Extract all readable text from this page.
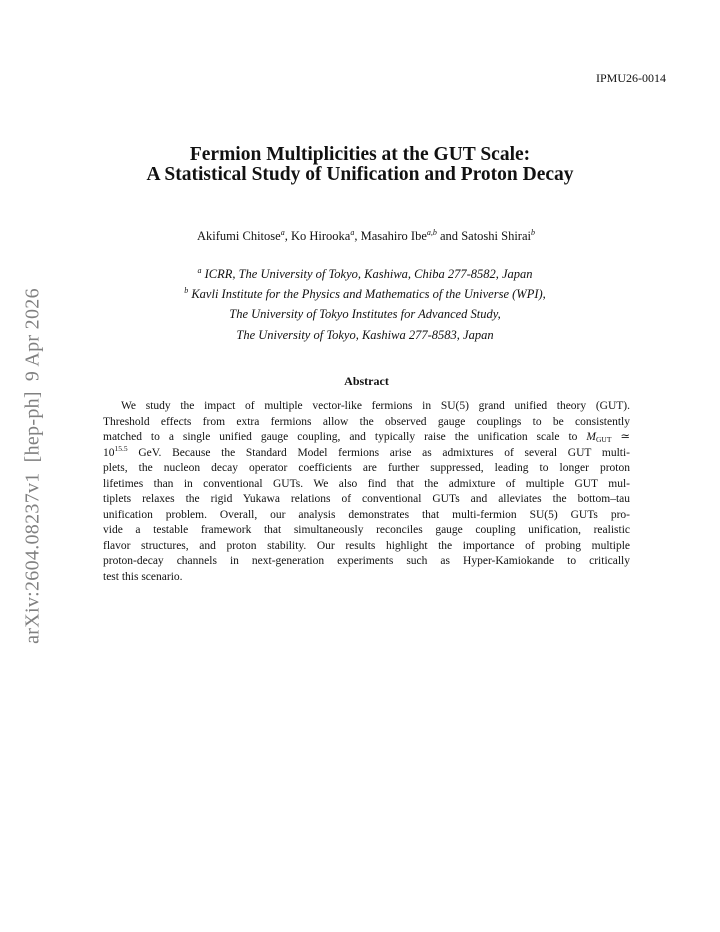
IPMU26-0014
arXiv:2604.08237v1[hep-ph]9 Apr 2026
Fermion Multiplicities at the GUT Scale:
A Statistical Study of Unification and Proton Decay
Akifumi Chitose$^a$, Ko Hirooka$^a$, Masahiro Ibe$^{a,b}$ and Satoshi Shirai$^b$
$^a$ ICRR, The University of Tokyo, Kashiwa, Chiba 277-8582, Japan
$^b$ Kavli Institute for the Physics and Mathematics of the Universe (WPI),
The University of Tokyo Institutes for Advanced Study,
The University of Tokyo, Kashiwa 277-8583, Japan
Abstract
We study the impact of multiple vector-like fermions in SU(5) grand unified theory (GUT).
Threshold effects from extra fermions allow the observed gauge couplings to be consistently
matched to a single unified gauge coupling, and typically raise the unification scale to $M_{GUT}$ ≃
$10^{15.5}$ GeV. Because the Standard Model fermions arise as admixtures of several GUT multi-
plets, the nucleon decay operator coefficients are further suppressed, leading to longer proton
lifetimes than in conventional GUTs. We also find that the admixture of multiple GUT mul-
tiplets relaxes the rigid Yukawa relations of conventional GUTs and alleviates the bottom–tau
unification problem. Overall, our analysis demonstrates that multi-fermion SU(5) GUTs pro-
vide a testable framework that simultaneously reconciles gauge coupling unification, realistic
flavor structures, and proton stability. Our results highlight the importance of probing multiple
proton-decay channels in next-generation experiments such as Hyper-Kamiokande to critically
test this scenario.
